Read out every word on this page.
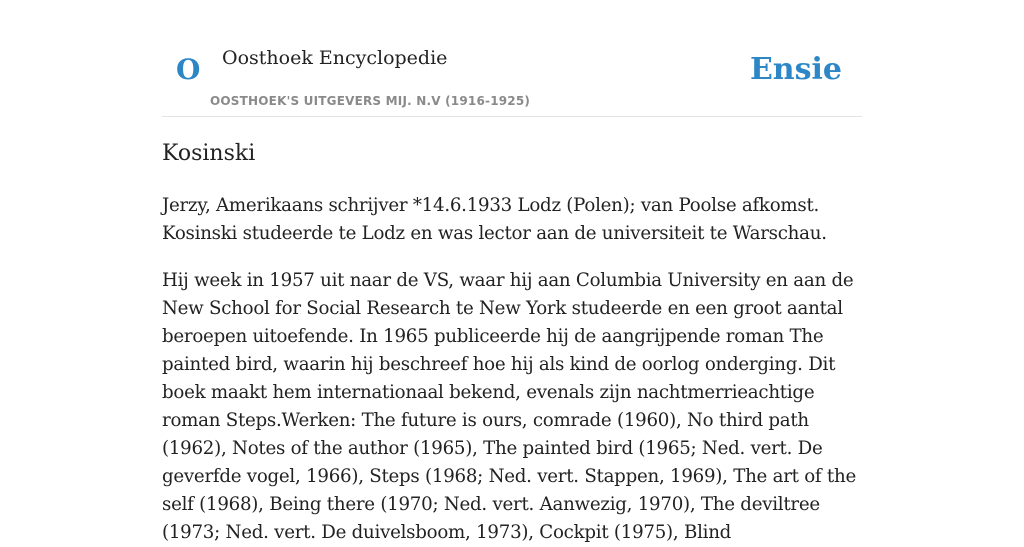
O Oosthoek Encyclopedie
OOSTHOEK'S UITGEVERS MIJ. N.V (1916-1925)
Ensie
Kosinski

Jerzy, Amerikaans schrijver *14.6.1933 Lodz (Polen); van Poolse afkomst. Kosinski studeerde te Lodz en was lector aan de universiteit te Warschau.

Hij week in 1957 uit naar de VS, waar hij aan Columbia University en aan de New School for Social Research te New York studeerde en een groot aantal beroepen uitoefende. In 1965 publiceerde hij de aangrijpende roman The painted bird, waarin hij beschreef hoe hij als kind de oorlog onderging. Dit boek maakt hem internationaal bekend, evenals zijn nachtmerrieachtige roman Steps.Werken: The future is ours, comrade (1960), No third path (1962), Notes of the author (1965), The painted bird (1965; Ned. vert. De geverfde vogel, 1966), Steps (1968; Ned. vert. Stappen, 1969), The art of the self (1968), Being there (1970; Ned. vert. Aanwezig, 1970), The deviltree (1973; Ned. vert. De duivelsboom, 1973), Cockpit (1975), Blind
